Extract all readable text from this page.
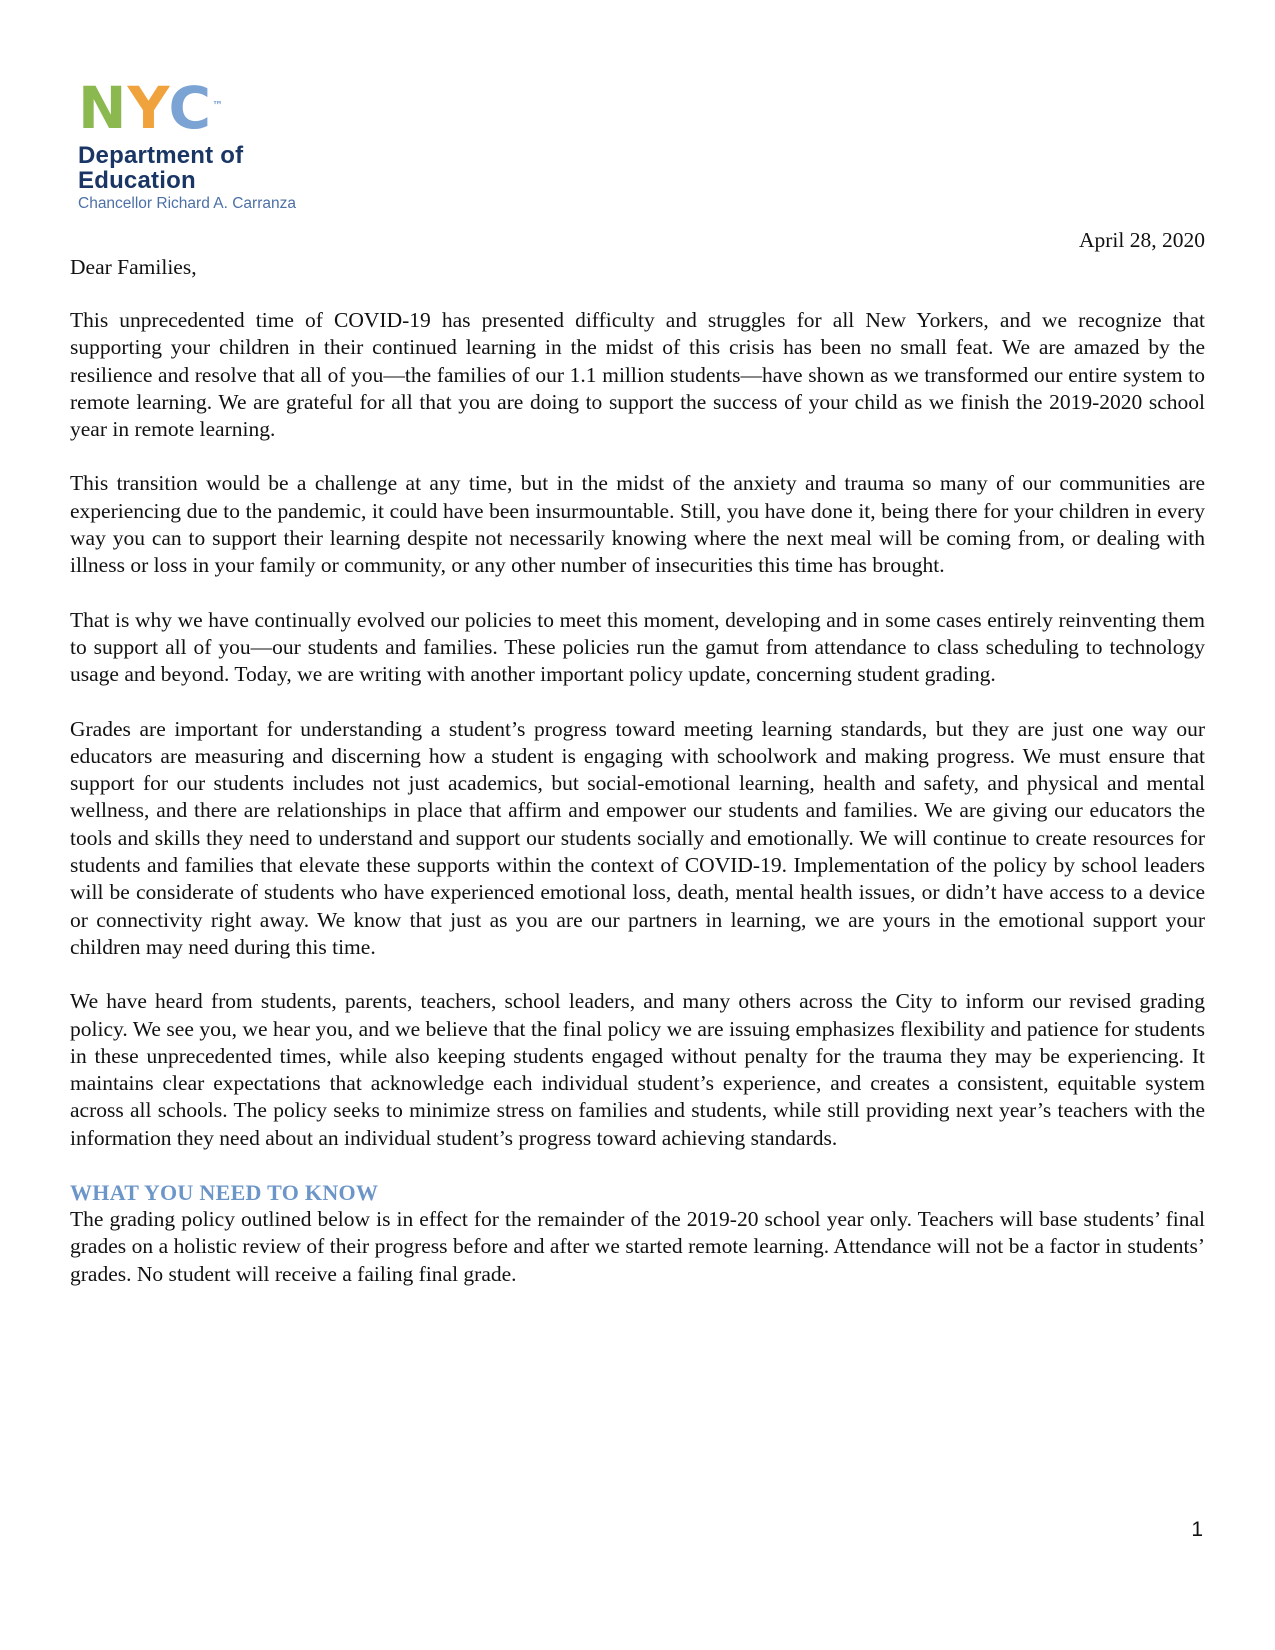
NYC™
Department of
Education
Chancellor Richard A. Carranza
April 28, 2020
Dear Families,

This unprecedented time of COVID-19 has presented difficulty and struggles for all New Yorkers, and we recognize that supporting your children in their continued learning in the midst of this crisis has been no small feat. We are amazed by the resilience and resolve that all of you—the families of our 1.1 million students—have shown as we transformed our entire system to remote learning. We are grateful for all that you are doing to support the success of your child as we finish the 2019-2020 school year in remote learning.

This transition would be a challenge at any time, but in the midst of the anxiety and trauma so many of our communities are experiencing due to the pandemic, it could have been insurmountable. Still, you have done it, being there for your children in every way you can to support their learning despite not necessarily knowing where the next meal will be coming from, or dealing with illness or loss in your family or community, or any other number of insecurities this time has brought.

That is why we have continually evolved our policies to meet this moment, developing and in some cases entirely reinventing them to support all of you—our students and families. These policies run the gamut from attendance to class scheduling to technology usage and beyond. Today, we are writing with another important policy update, concerning student grading.

Grades are important for understanding a student’s progress toward meeting learning standards, but they are just one way our educators are measuring and discerning how a student is engaging with schoolwork and making progress. We must ensure that support for our students includes not just academics, but social-emotional learning, health and safety, and physical and mental wellness, and there are relationships in place that affirm and empower our students and families. We are giving our educators the tools and skills they need to understand and support our students socially and emotionally. We will continue to create resources for students and families that elevate these supports within the context of COVID-19. Implementation of the policy by school leaders will be considerate of students who have experienced emotional loss, death, mental health issues, or didn’t have access to a device or connectivity right away. We know that just as you are our partners in learning, we are yours in the emotional support your children may need during this time.

We have heard from students, parents, teachers, school leaders, and many others across the City to inform our revised grading policy. We see you, we hear you, and we believe that the final policy we are issuing emphasizes flexibility and patience for students in these unprecedented times, while also keeping students engaged without penalty for the trauma they may be experiencing. It maintains clear expectations that acknowledge each individual student’s experience, and creates a consistent, equitable system across all schools. The policy seeks to minimize stress on families and students, while still providing next year’s teachers with the information they need about an individual student’s progress toward achieving standards.

WHAT YOU NEED TO KNOW

The grading policy outlined below is in effect for the remainder of the 2019-20 school year only. Teachers will base students’ final grades on a holistic review of their progress before and after we started remote learning. Attendance will not be a factor in students’ grades. No student will receive a failing final grade.

1
